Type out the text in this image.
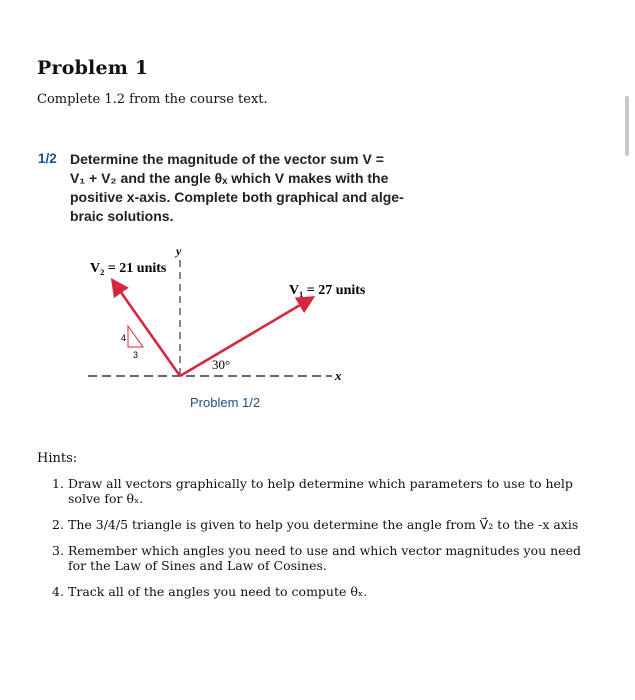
Problem 1
Complete 1.2 from the course text.
1/2 Determine the magnitude of the vector sum V =
V₁ + V₂ and the angle θₓ which V makes with the
positive x-axis. Complete both graphical and alge-
braic solutions.
4
3
V₂ = 21 units
V₁ = 27 units
y
x
30°
Problem 1/2
Hints:
1. Draw all vectors graphically to help determine which parameters to use to help solve for θₓ.
2. The 3/4/5 triangle is given to help you determine the angle from V⃗₂ to the -x axis
3. Remember which angles you need to use and which vector magnitudes you need for the Law of Sines and Law of Cosines.
4. Track all of the angles you need to compute θₓ.
